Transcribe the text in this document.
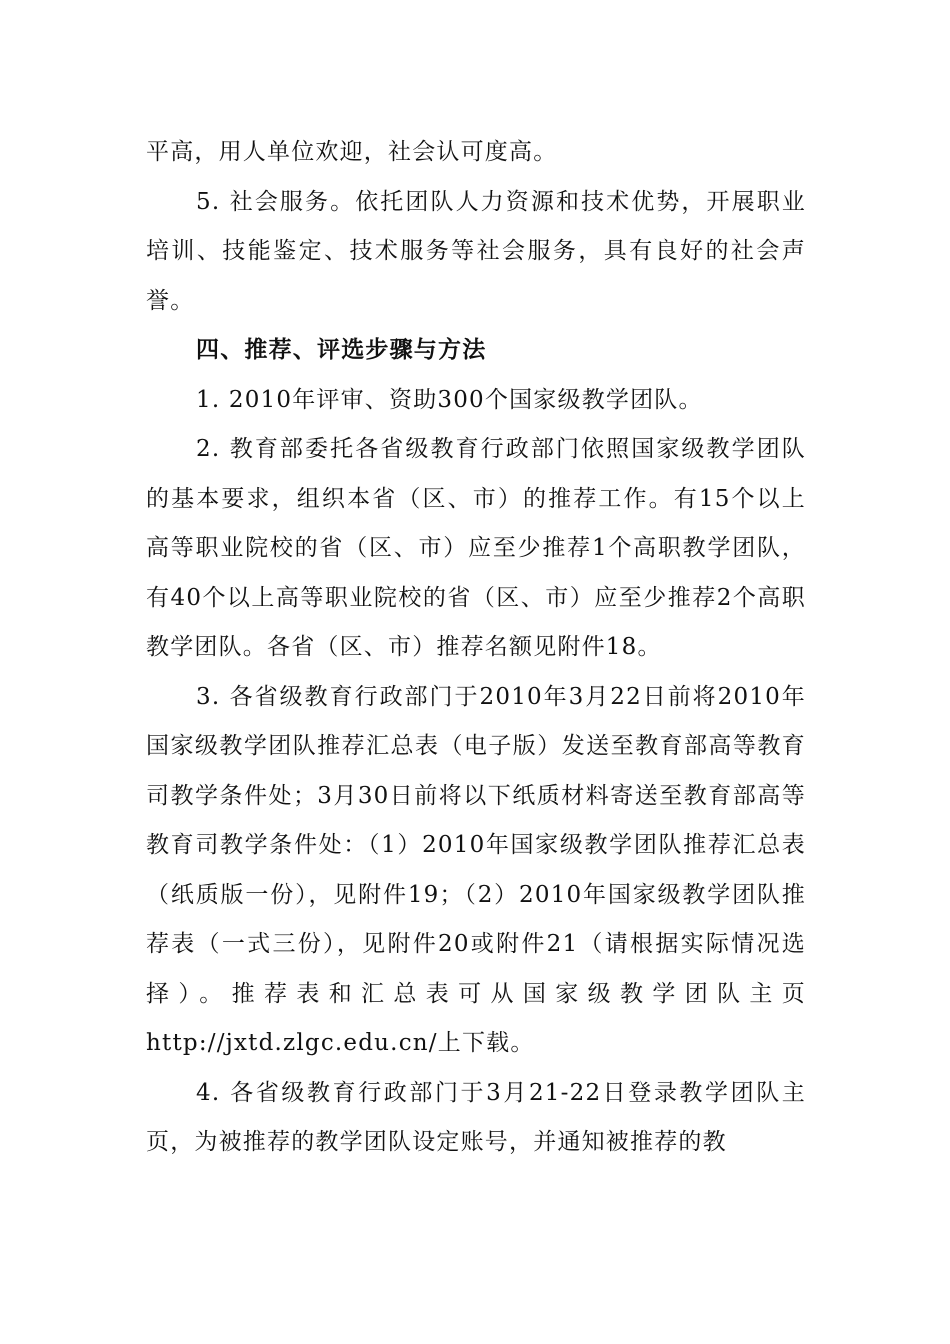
平高，用人单位欢迎，社会认可度高。

5. 社会服务。依托团队人力资源和技术优势，开展职业培训、技能鉴定、技术服务等社会服务，具有良好的社会声誉。

四、推荐、评选步骤与方法

1. 2010年评审、资助300个国家级教学团队。

2. 教育部委托各省级教育行政部门依照国家级教学团队的基本要求，组织本省（区、市）的推荐工作。有15个以上高等职业院校的省（区、市）应至少推荐1个高职教学团队，有40个以上高等职业院校的省（区、市）应至少推荐2个高职教学团队。各省（区、市）推荐名额见附件18。

3. 各省级教育行政部门于2010年3月22日前将2010年国家级教学团队推荐汇总表（电子版）发送至教育部高等教育司教学条件处；3月30日前将以下纸质材料寄送至教育部高等教育司教学条件处：（1）2010年国家级教学团队推荐汇总表（纸质版一份），见附件19；（2）2010年国家级教学团队推荐表（一式三份），见附件20或附件21（请根据实际情况选择）。推荐表和汇总表可从国家级教学团队主页http://jxtd.zlgc.edu.cn/上下载。

4. 各省级教育行政部门于3月21-22日登录教学团队主页，为被推荐的教学团队设定账号，并通知被推荐的教
